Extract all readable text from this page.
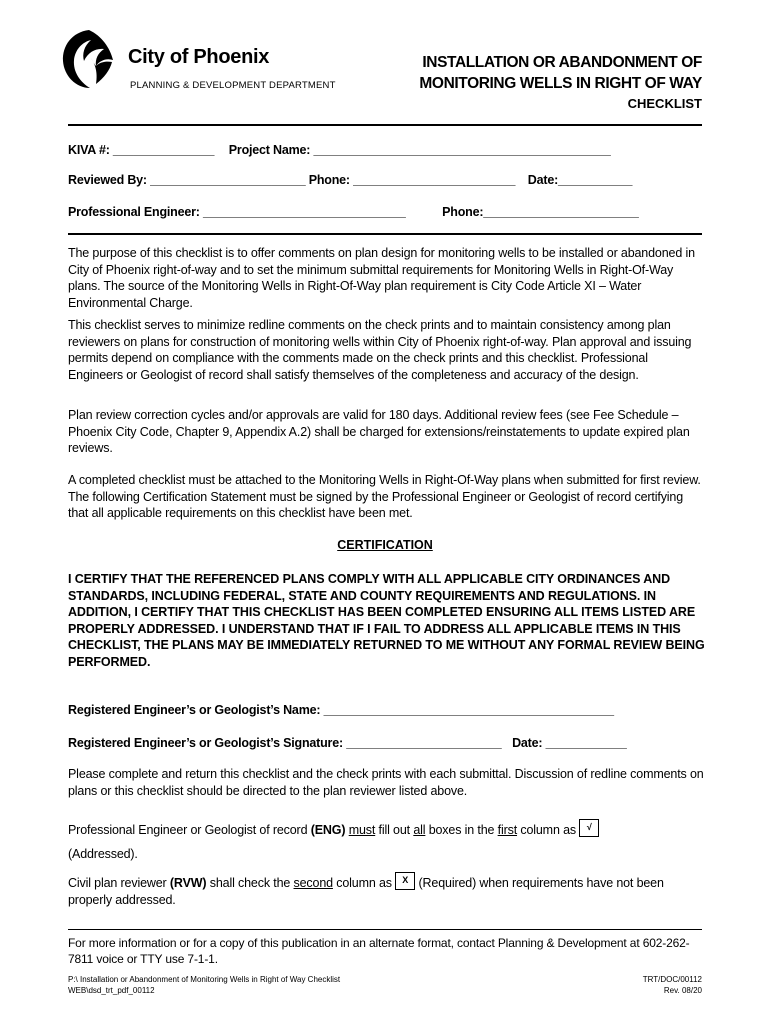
City of Phoenix
PLANNING & DEVELOPMENT DEPARTMENT
INSTALLATION OR ABANDONMENT OF
MONITORING WELLS IN RIGHT OF WAY
CHECKLIST
KIVA #: _______________ Project Name: ____________________________________________
Reviewed By: _______________________ Phone: ________________________ Date:___________
Professional Engineer: ______________________________	Phone:_______________________
The purpose of this checklist is to offer comments on plan design for monitoring wells to be installed or abandoned in City of Phoenix right-of-way and to set the minimum submittal requirements for Monitoring Wells in Right-Of-Way plans. The source of the Monitoring Wells in Right-Of-Way plan requirement is City Code Article XI – Water Environmental Charge.
This checklist serves to minimize redline comments on the check prints and to maintain consistency among plan reviewers on plans for construction of monitoring wells within City of Phoenix right-of-way. Plan approval and issuing permits depend on compliance with the comments made on the check prints and this checklist. Professional Engineers or Geologist of record shall satisfy themselves of the completeness and accuracy of the design.
Plan review correction cycles and/or approvals are valid for 180 days. Additional review fees (see Fee Schedule – Phoenix City Code, Chapter 9, Appendix A.2) shall be charged for extensions/reinstatements to update expired plan reviews.
A completed checklist must be attached to the Monitoring Wells in Right-Of-Way plans when submitted for first review. The following Certification Statement must be signed by the Professional Engineer or Geologist of record certifying that all applicable requirements on this checklist have been met.
CERTIFICATION
I CERTIFY THAT THE REFERENCED PLANS COMPLY WITH ALL APPLICABLE CITY ORDINANCES AND STANDARDS, INCLUDING FEDERAL, STATE AND COUNTY REQUIREMENTS AND REGULATIONS. IN ADDITION, I CERTIFY THAT THIS CHECKLIST HAS BEEN COMPLETED ENSURING ALL ITEMS LISTED ARE PROPERLY ADDRESSED. I UNDERSTAND THAT IF I FAIL TO ADDRESS ALL APPLICABLE ITEMS IN THIS CHECKLIST, THE PLANS MAY BE IMMEDIATELY RETURNED TO ME WITHOUT ANY FORMAL REVIEW BEING PERFORMED.
Registered Engineer’s or Geologist’s Name: ___________________________________________
Registered Engineer’s or Geologist’s Signature: _______________________ Date: ____________
Please complete and return this checklist and the check prints with each submittal. Discussion of redline comments on plans or this checklist should be directed to the plan reviewer listed above.
Professional Engineer or Geologist of record (ENG) must fill out all boxes in the first column as √
(Addressed).
Civil plan reviewer (RVW) shall check the second column as X (Required) when requirements have not been properly addressed.
For more information or for a copy of this publication in an alternate format, contact Planning & Development at 602-262-7811 voice or TTY use 7-1-1.
P:\ Installation or Abandonment of Monitoring Wells in Right of Way Checklist
WEB\dsd_trt_pdf_00112
TRT/DOC/00112
Rev. 08/20
